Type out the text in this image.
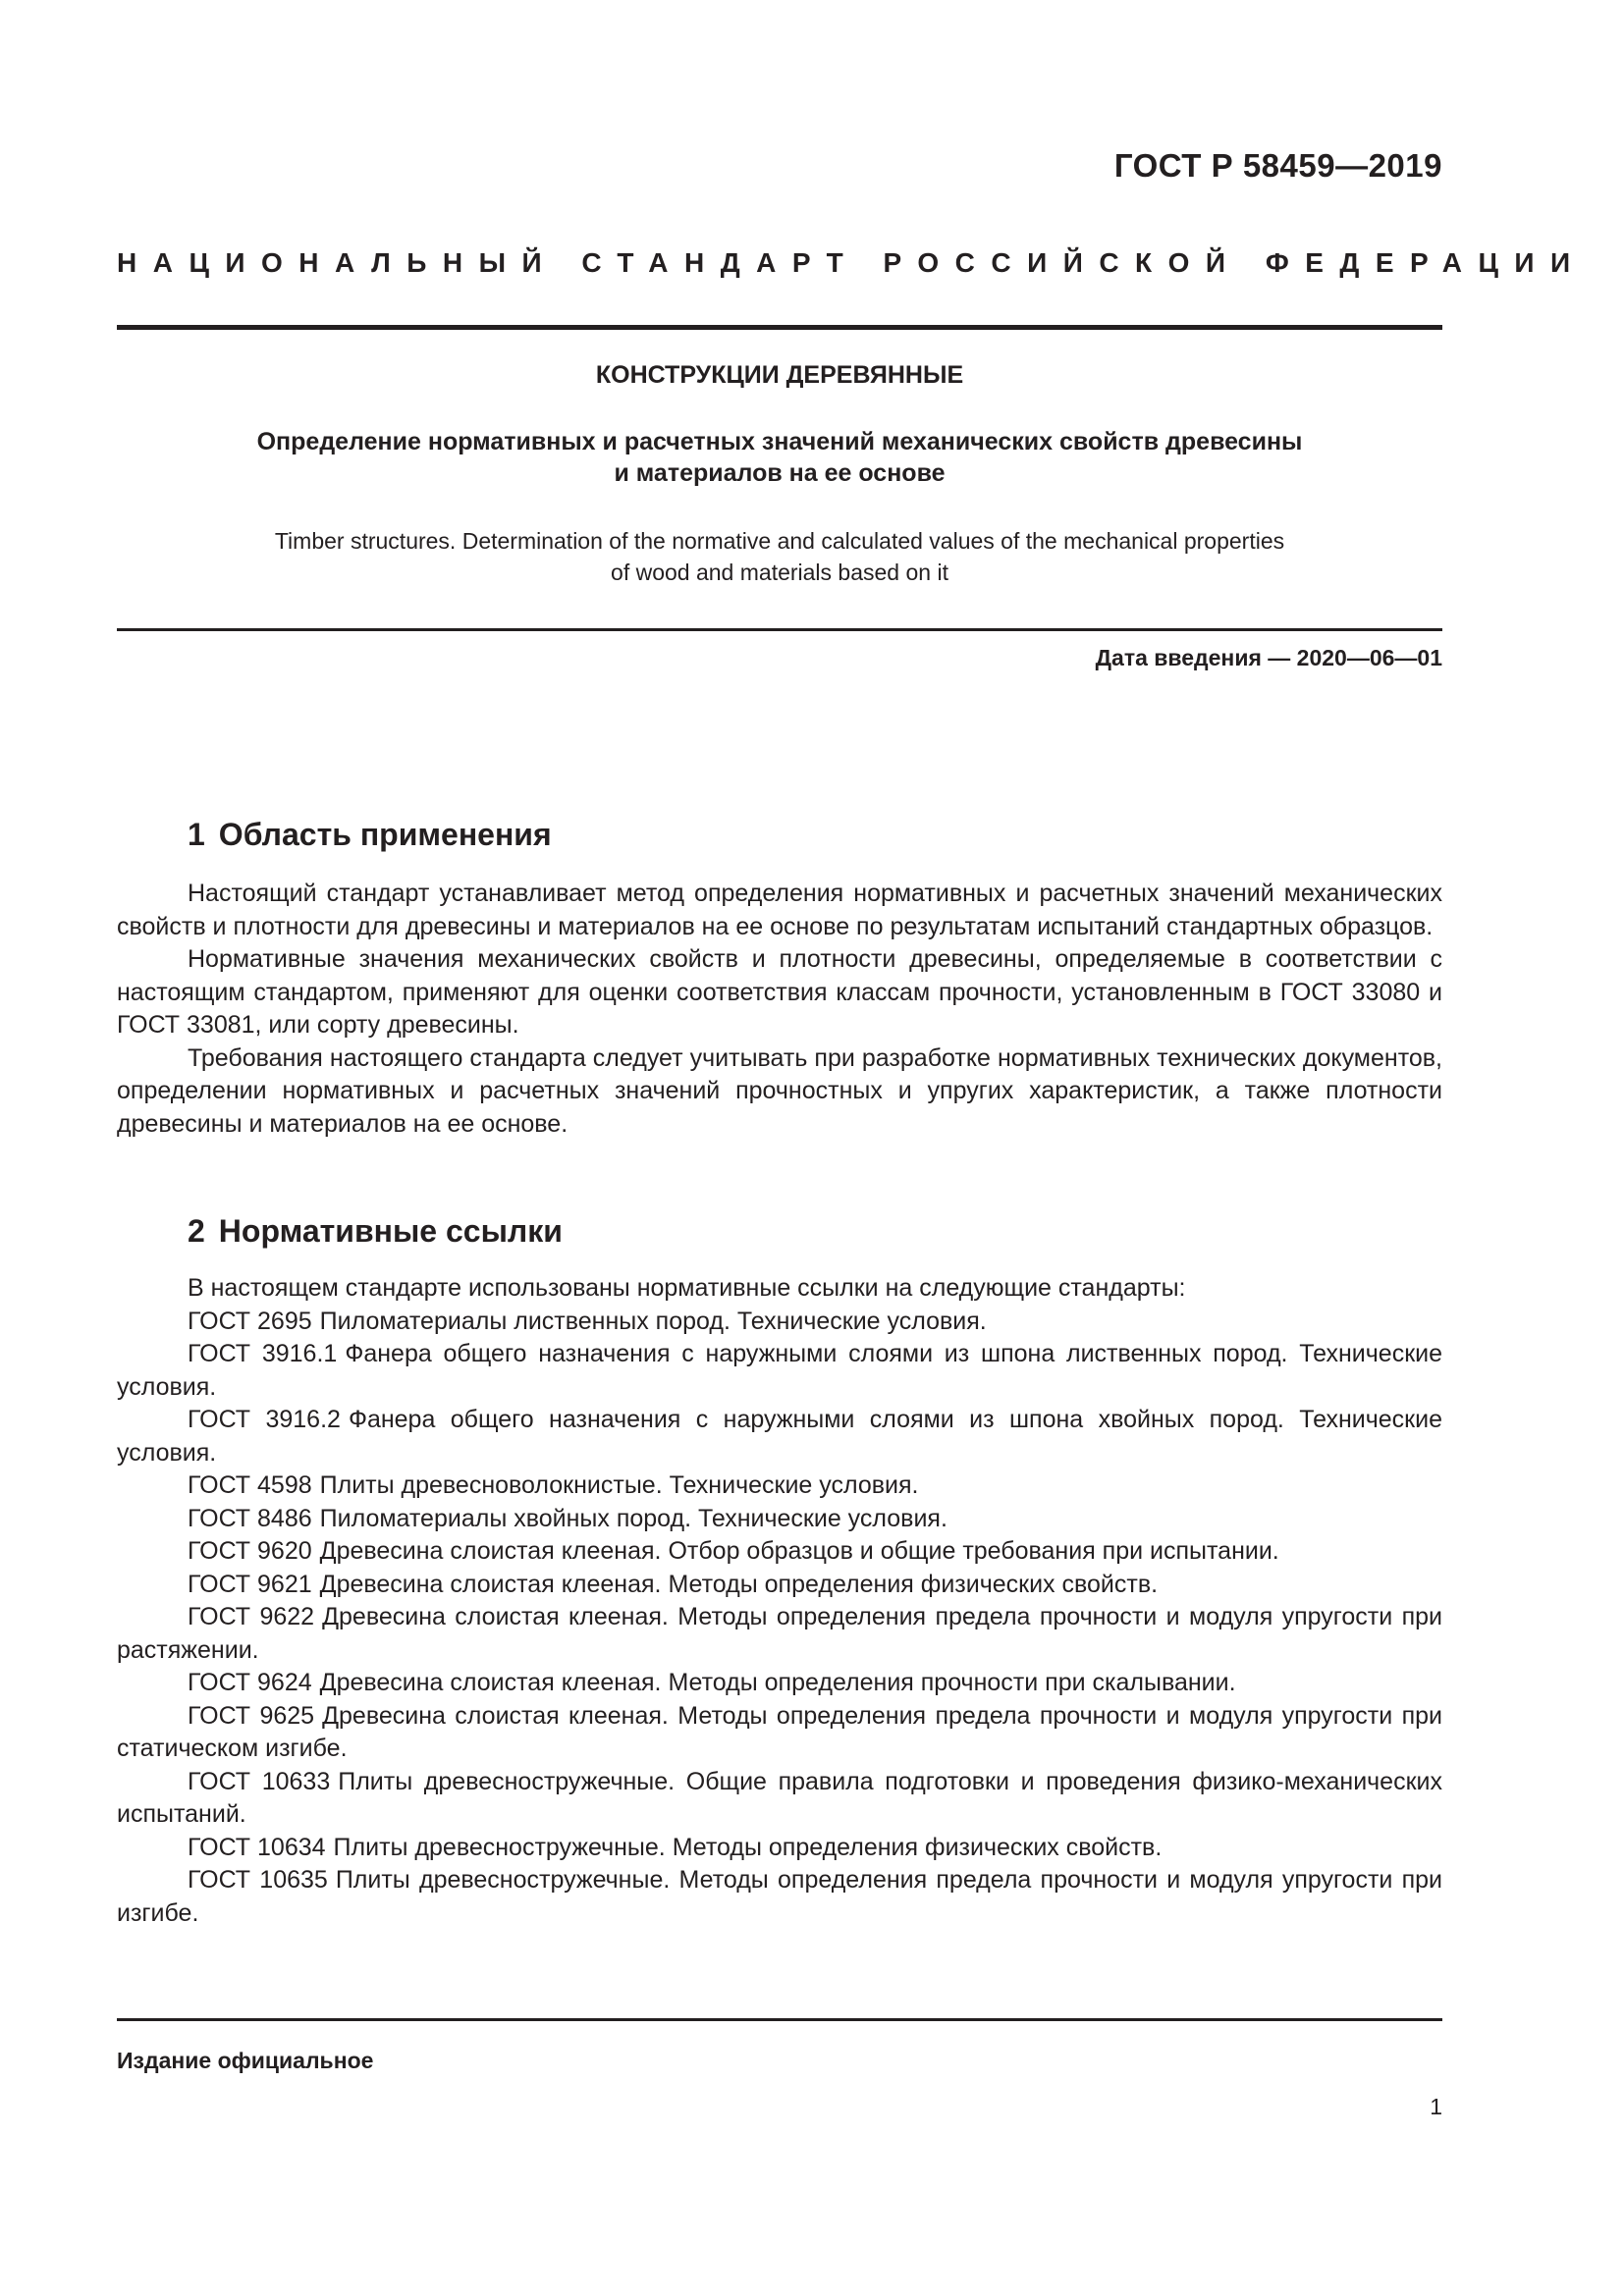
ГОСТ Р 58459—2019
НАЦИОНАЛЬНЫЙ СТАНДАРТ РОССИЙСКОЙ ФЕДЕРАЦИИ
КОНСТРУКЦИИ ДЕРЕВЯННЫЕ
Определение нормативных и расчетных значений механических свойств древесины
и материалов на ее основе
Timber structures. Determination of the normative and calculated values of the mechanical properties
of wood and materials based on it
Дата введения — 2020—06—01
1 Область применения

Настоящий стандарт устанавливает метод определения нормативных и расчетных значений механических свойств и плотности для древесины и материалов на ее основе по результатам испытаний стандартных образцов.

Нормативные значения механических свойств и плотности древесины, определяемые в соответствии с настоящим стандартом, применяют для оценки соответствия классам прочности, установленным в ГОСТ 33080 и ГОСТ 33081, или сорту древесины.

Требования настоящего стандарта следует учитывать при разработке нормативных технических документов, определении нормативных и расчетных значений прочностных и упругих характеристик, а также плотности древесины и материалов на ее основе.

2 Нормативные ссылки

В настоящем стандарте использованы нормативные ссылки на следующие стандарты:

ГОСТ 2695 Пиломатериалы лиственных пород. Технические условия.

ГОСТ 3916.1 Фанера общего назначения с наружными слоями из шпона лиственных пород. Технические условия.

ГОСТ 3916.2 Фанера общего назначения с наружными слоями из шпона хвойных пород. Технические условия.

ГОСТ 4598 Плиты древесноволокнистые. Технические условия.

ГОСТ 8486 Пиломатериалы хвойных пород. Технические условия.

ГОСТ 9620 Древесина слоистая клееная. Отбор образцов и общие требования при испытании.

ГОСТ 9621 Древесина слоистая клееная. Методы определения физических свойств.

ГОСТ 9622 Древесина слоистая клееная. Методы определения предела прочности и модуля упругости при растяжении.

ГОСТ 9624 Древесина слоистая клееная. Методы определения прочности при скалывании.

ГОСТ 9625 Древесина слоистая клееная. Методы определения предела прочности и модуля упругости при статическом изгибе.

ГОСТ 10633 Плиты древесностружечные. Общие правила подготовки и проведения физико-механических испытаний.

ГОСТ 10634 Плиты древесностружечные. Методы определения физических свойств.

ГОСТ 10635 Плиты древесностружечные. Методы определения предела прочности и модуля упругости при изгибе.

Издание официальное
1
